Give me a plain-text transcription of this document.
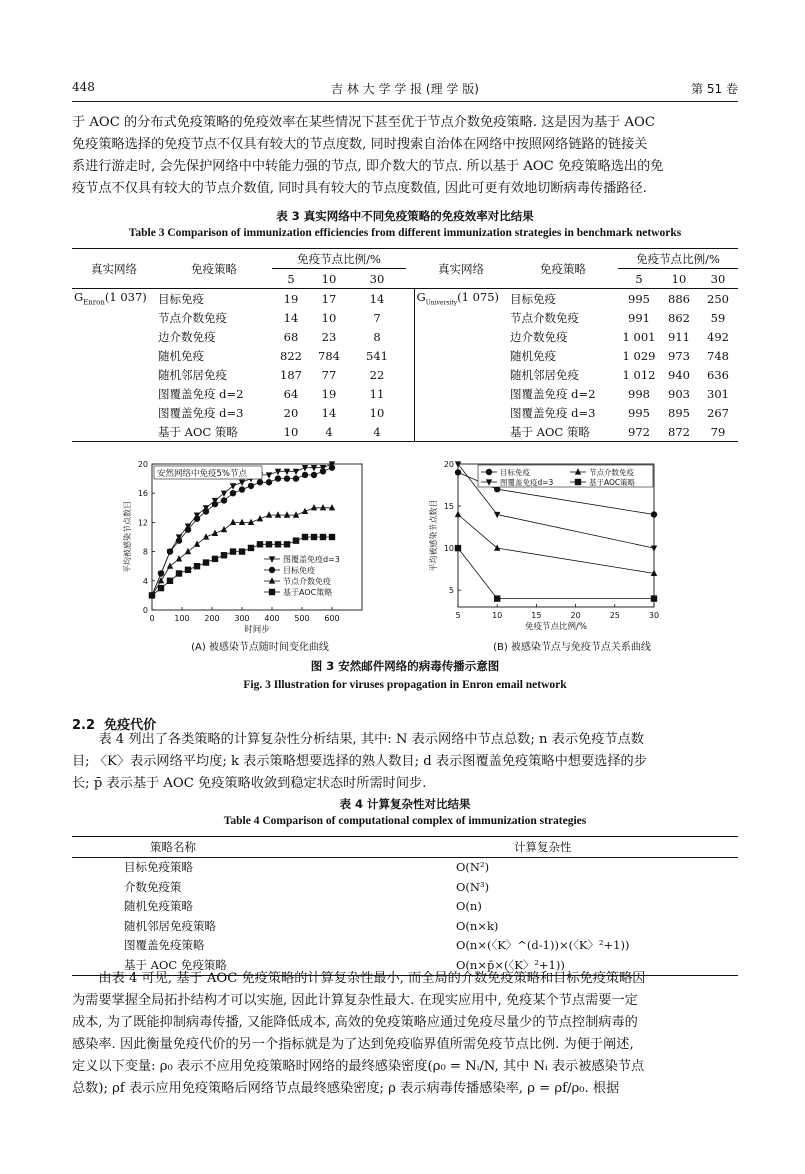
448	吉 林 大 学 学 报 (理 学 版)	第 51 卷

于 AOC 的分布式免疫策略的免疫效率在某些情况下甚至优于节点介数免疫策略. 这是因为基于 AOC

免疫策略选择的免疫节点不仅具有较大的节点度数, 同时搜索自治体在网络中按照网络链路的链接关

系进行游走时, 会先保护网络中中转能力强的节点, 即介数大的节点. 所以基于 AOC 免疫策略选出的免

疫节点不仅具有较大的节点介数值, 同时具有较大的节点度数值, 因此可更有效地切断病毒传播路径.

表 3 真实网络中不同免疫策略的免疫效率对比结果
Table 3 Comparison of immunization efficiencies from different immunization strategies in benchmark networks
真实网络	免疫策略	免疫节点比例/%				真实网络	免疫策略	免疫节点比例/%		
		5	10	30				5	10	30
$G_{Enron}(1$ 037)	目标免疫	19	17	14		$G_{University}(1$ 075)	目标免疫	995	886	250
	节点介数免疫	14	10	7			节点介数免疫	991	862	59
	边介数免疫	68	23	8			边介数免疫	1 001	911	492
	随机免疫	822	784	541			随机免疫	1 029	973	748
	随机邻居免疫	187	77	22			随机邻居免疫	1 012	940	636
	图覆盖免疫 d=2	64	19	11			图覆盖免疫 d=2	998	903	301
	图覆盖免疫 d=3	20	14	10			图覆盖免疫 d=3	995	895	267
	基于 AOC 策略	10	4	4			基于 AOC 策略	972	872	79
0 100 200 300 400 500 600
0
4
8
12
16
20
时间步
平均被感染节点数目
安然网络中免疫5%节点
图覆盖免疫d=3
目标免疫
节点介数免疫
基于AOC策略
5	10	15	20	25	30
5
10
15
20
免疫节点比例/%
平均被感染节点数目
目标免疫	节点介数免疫
图覆盖免疫d=3	基于AOC策略
(A) 被感染节点随时间变化曲线	(B) 被感染节点与免疫节点关系曲线
图 3 安然邮件网络的病毒传播示意图
Fig. 3 Illustration for viruses propagation in Enron email network
2.2 免疫代价

表 4 列出了各类策略的计算复杂性分析结果, 其中: N 表示网络中节点总数; n 表示免疫节点数

目; 〈K〉表示网络平均度; k 表示策略想要选择的熟人数目; d 表示图覆盖免疫策略中想要选择的步

长; p̄ 表示基于 AOC 免疫策略收敛到稳定状态时所需时间步.

表 4 计算复杂性对比结果
Table 4 Comparison of computational complex of immunization strategies
策略名称	计算复杂性
目标免疫策略	O(N²)
介数免疫策	O(N³)
随机免疫策略	O(n)
随机邻居免疫策略	O(n×k)
图覆盖免疫策略	O(n×(〈K〉^(d-1))×(〈K〉²+1))
基于 AOC 免疫策略	O(n×p̄×(〈K〉²+1))

由表 4 可见, 基于 AOC 免疫策略的计算复杂性最小, 而全局的介数免疫策略和目标免疫策略因

为需要掌握全局拓扑结构才可以实施, 因此计算复杂性最大. 在现实应用中, 免疫某个节点需要一定

成本, 为了既能抑制病毒传播, 又能降低成本, 高效的免疫策略应通过免疫尽量少的节点控制病毒的

感染率. 因此衡量免疫代价的另一个指标就是为了达到免疫临界值所需免疫节点比例. 为便于阐述,

定义以下变量: ρ₀ 表示不应用免疫策略时网络的最终感染密度(ρ₀ = Nᵢ/N, 其中 Nᵢ 表示被感染节点

总数); ρf 表示应用免疫策略后网络节点最终感染密度; ρ 表示病毒传播感染率, ρ = ρf/ρ₀. 根据
